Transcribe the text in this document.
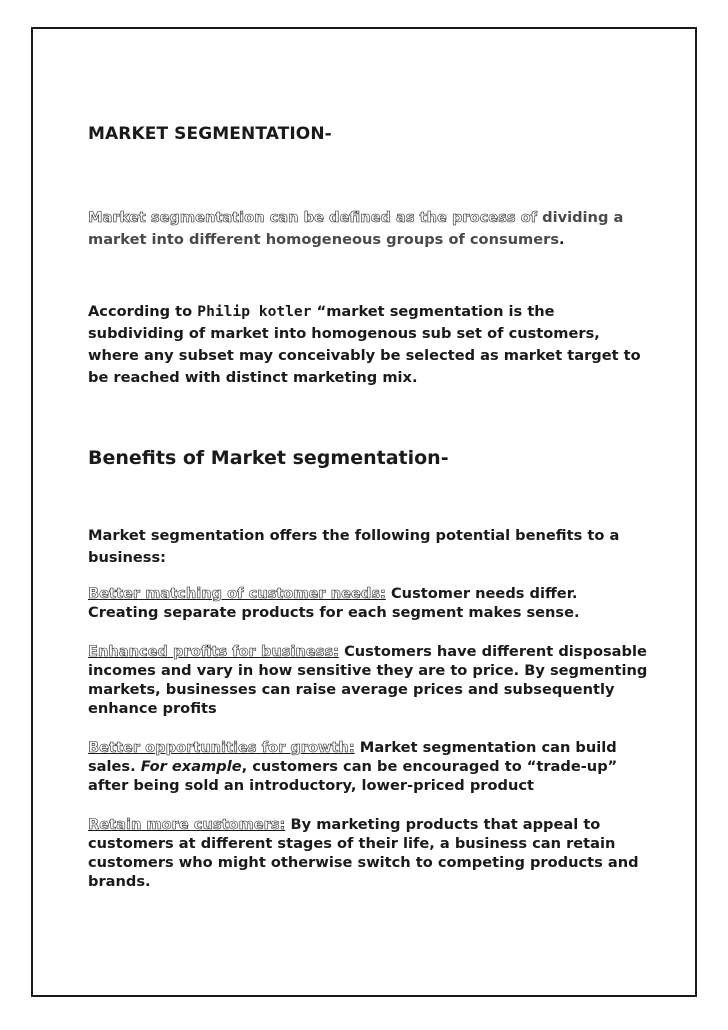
MARKET SEGMENTATION-
Market segmentation can be defined as the process of dividing a market into different homogeneous groups of consumers.
According to Philip kotler “market segmentation is the subdividing of market into homogenous sub set of customers, where any subset may conceivably be selected as market target to be reached with distinct marketing mix.
Benefits of Market segmentation-
Market segmentation offers the following potential benefits to a business:
Better matching of customer needs: Customer needs differ. Creating separate products for each segment makes sense.
Enhanced profits for business: Customers have different disposable incomes and vary in how sensitive they are to price. By segmenting markets, businesses can raise average prices and subsequently enhance profits
Better opportunities for growth: Market segmentation can build sales. For example, customers can be encouraged to “trade-up” after being sold an introductory, lower-priced product
Retain more customers: By marketing products that appeal to customers at different stages of their life, a business can retain customers who might otherwise switch to competing products and brands.
